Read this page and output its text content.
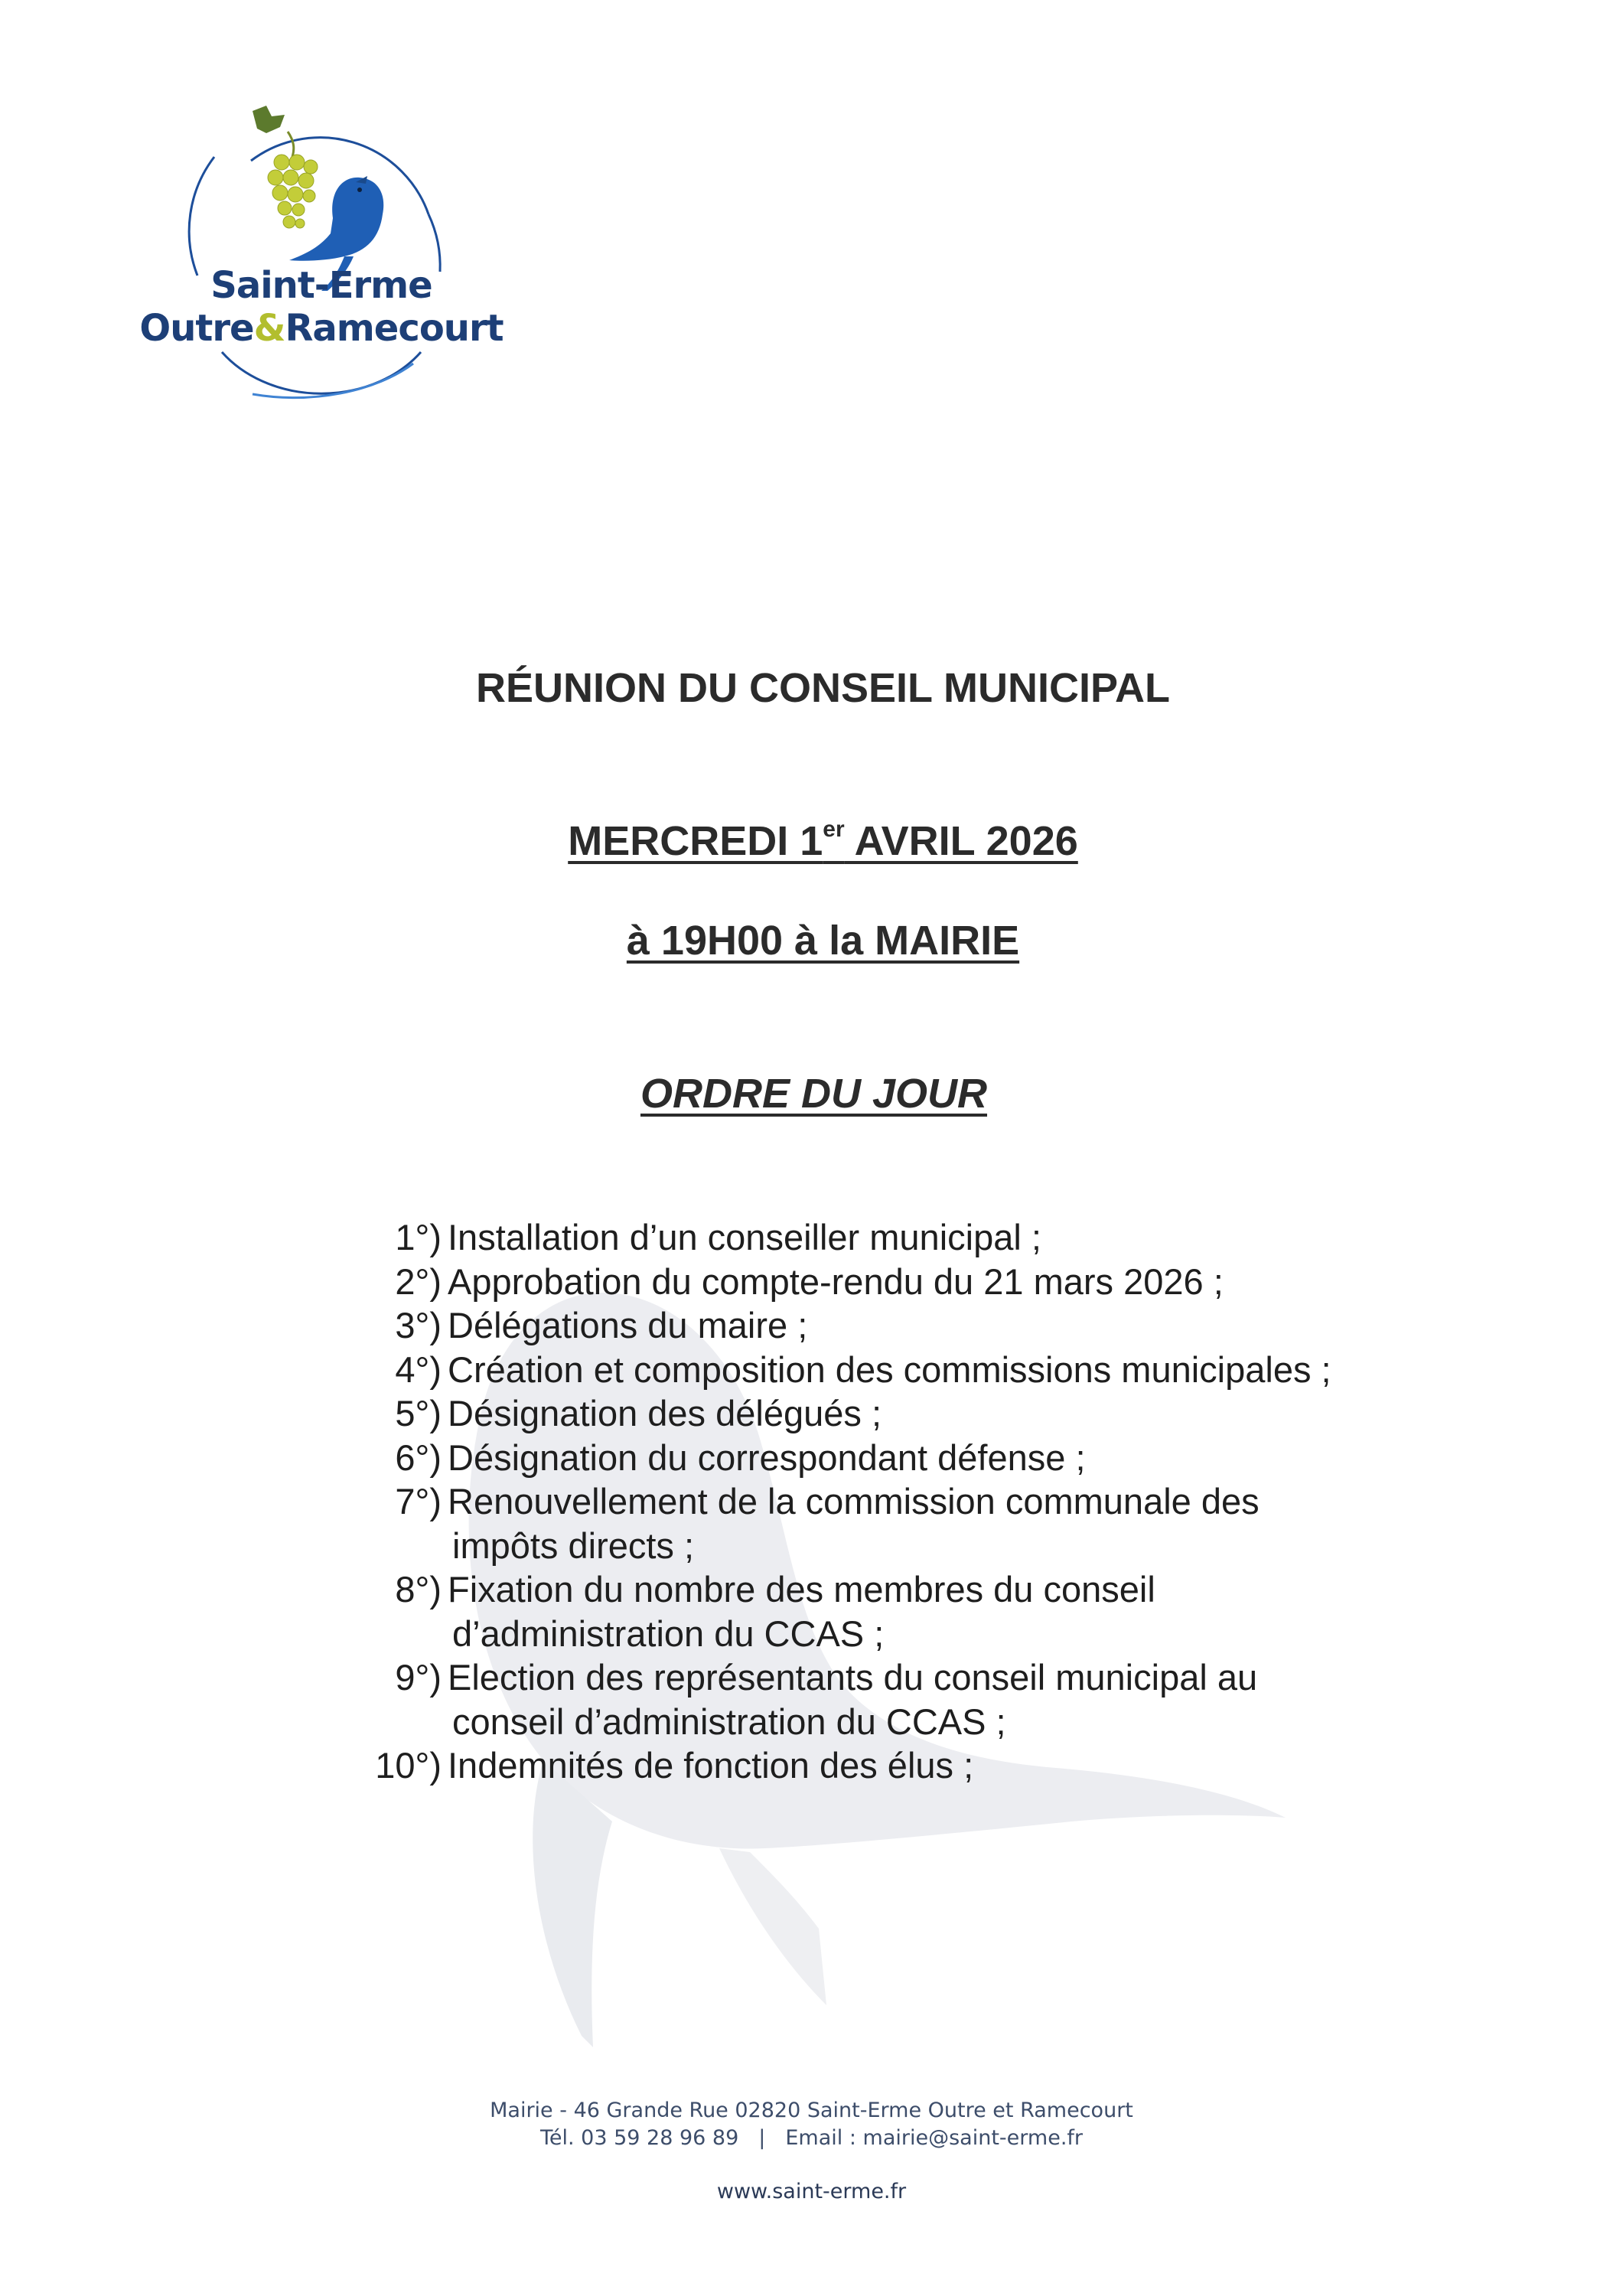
Saint-Erme
Outre&Ramecourt
RÉUNION DU CONSEIL MUNICIPAL
MERCREDI 1er AVRIL 2026
à 19H00 à la MAIRIE
ORDRE DU JOUR
1°) Installation d’un conseiller municipal ;
2°) Approbation du compte-rendu du 21 mars 2026 ;
3°) Délégations du maire ;
4°) Création et composition des commissions municipales ;
5°) Désignation des délégués ;
6°) Désignation du correspondant défense ;
7°) Renouvellement de la commission communale des
impôts directs ;
8°) Fixation du nombre des membres du conseil
d’administration du CCAS ;
9°) Election des représentants du conseil municipal au
conseil d’administration du CCAS ;
10°) Indemnités de fonction des élus ;
Mairie - 46 Grande Rue 02820 Saint-Erme Outre et Ramecourt
Tél. 03 59 28 96 89 | Email : mairie@saint-erme.fr
www.saint-erme.fr
